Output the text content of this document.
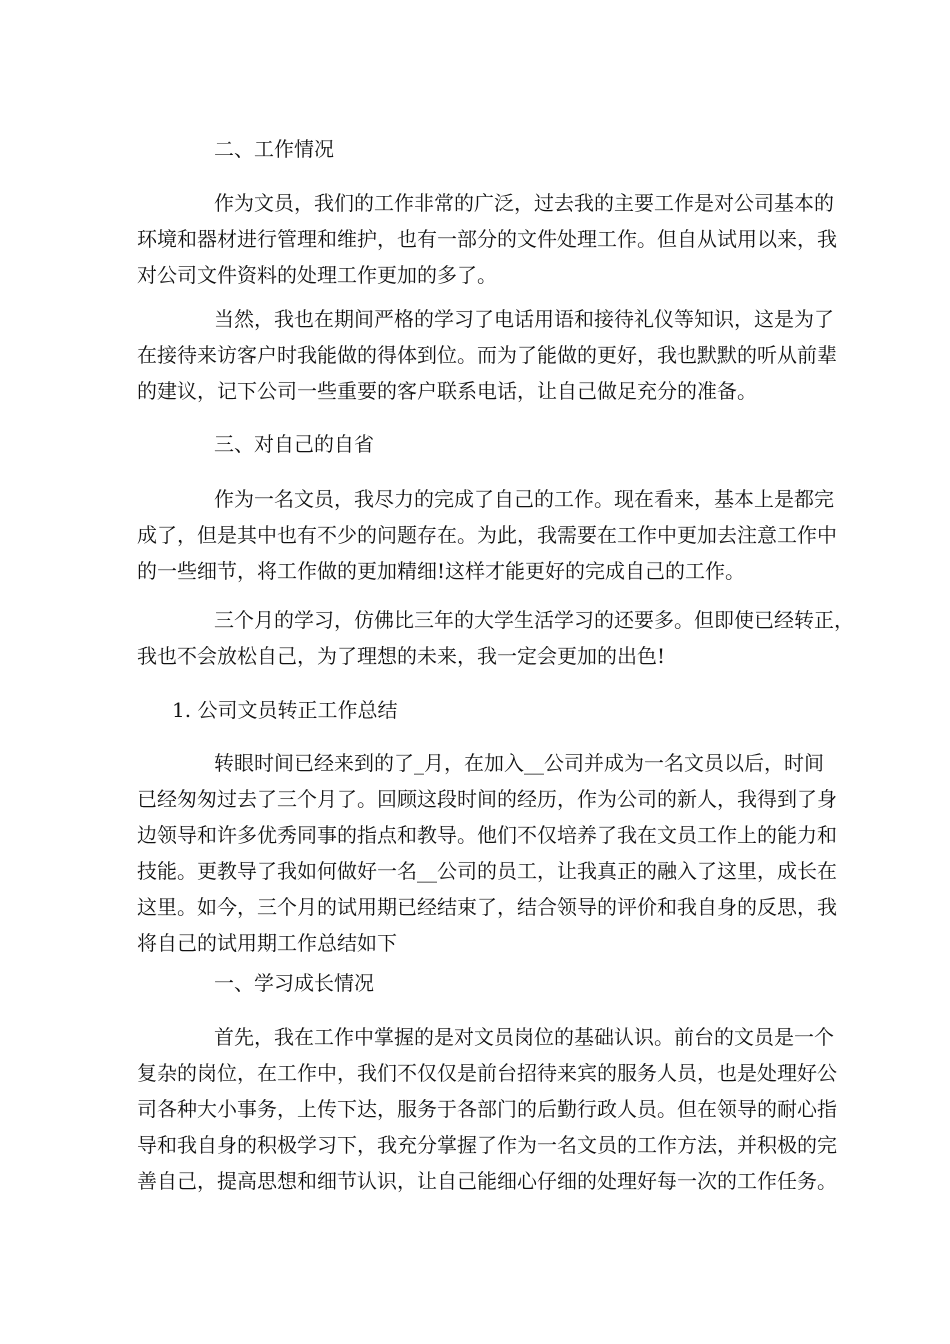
二、工作情况
作为文员，我们的工作非常的广泛，过去我的主要工作是对公司基本的
环境和器材进行管理和维护，也有一部分的文件处理工作。但自从试用以来，我
对公司文件资料的处理工作更加的多了。
当然，我也在期间严格的学习了电话用语和接待礼仪等知识，这是为了
在接待来访客户时我能做的得体到位。而为了能做的更好，我也默默的听从前辈
的建议，记下公司一些重要的客户联系电话，让自己做足充分的准备。
三、对自己的自省
作为一名文员，我尽力的完成了自己的工作。现在看来，基本上是都完
成了，但是其中也有不少的问题存在。为此，我需要在工作中更加去注意工作中
的一些细节，将工作做的更加精细!这样才能更好的完成自己的工作。
三个月的学习，仿佛比三年的大学生活学习的还要多。但即使已经转正，
我也不会放松自己，为了理想的未来，我一定会更加的出色!
1. 公司文员转正工作总结
转眼时间已经来到的了_月，在加入__公司并成为一名文员以后，时间
已经匆匆过去了三个月了。回顾这段时间的经历，作为公司的新人，我得到了身
边领导和许多优秀同事的指点和教导。他们不仅培养了我在文员工作上的能力和
技能。更教导了我如何做好一名__公司的员工，让我真正的融入了这里，成长在
这里。如今，三个月的试用期已经结束了，结合领导的评价和我自身的反思，我
将自己的试用期工作总结如下
一、学习成长情况
首先，我在工作中掌握的是对文员岗位的基础认识。前台的文员是一个
复杂的岗位，在工作中，我们不仅仅是前台招待来宾的服务人员，也是处理好公
司各种大小事务，上传下达，服务于各部门的后勤行政人员。但在领导的耐心指
导和我自身的积极学习下，我充分掌握了作为一名文员的工作方法，并积极的完
善自己，提高思想和细节认识，让自己能细心仔细的处理好每一次的工作任务。
